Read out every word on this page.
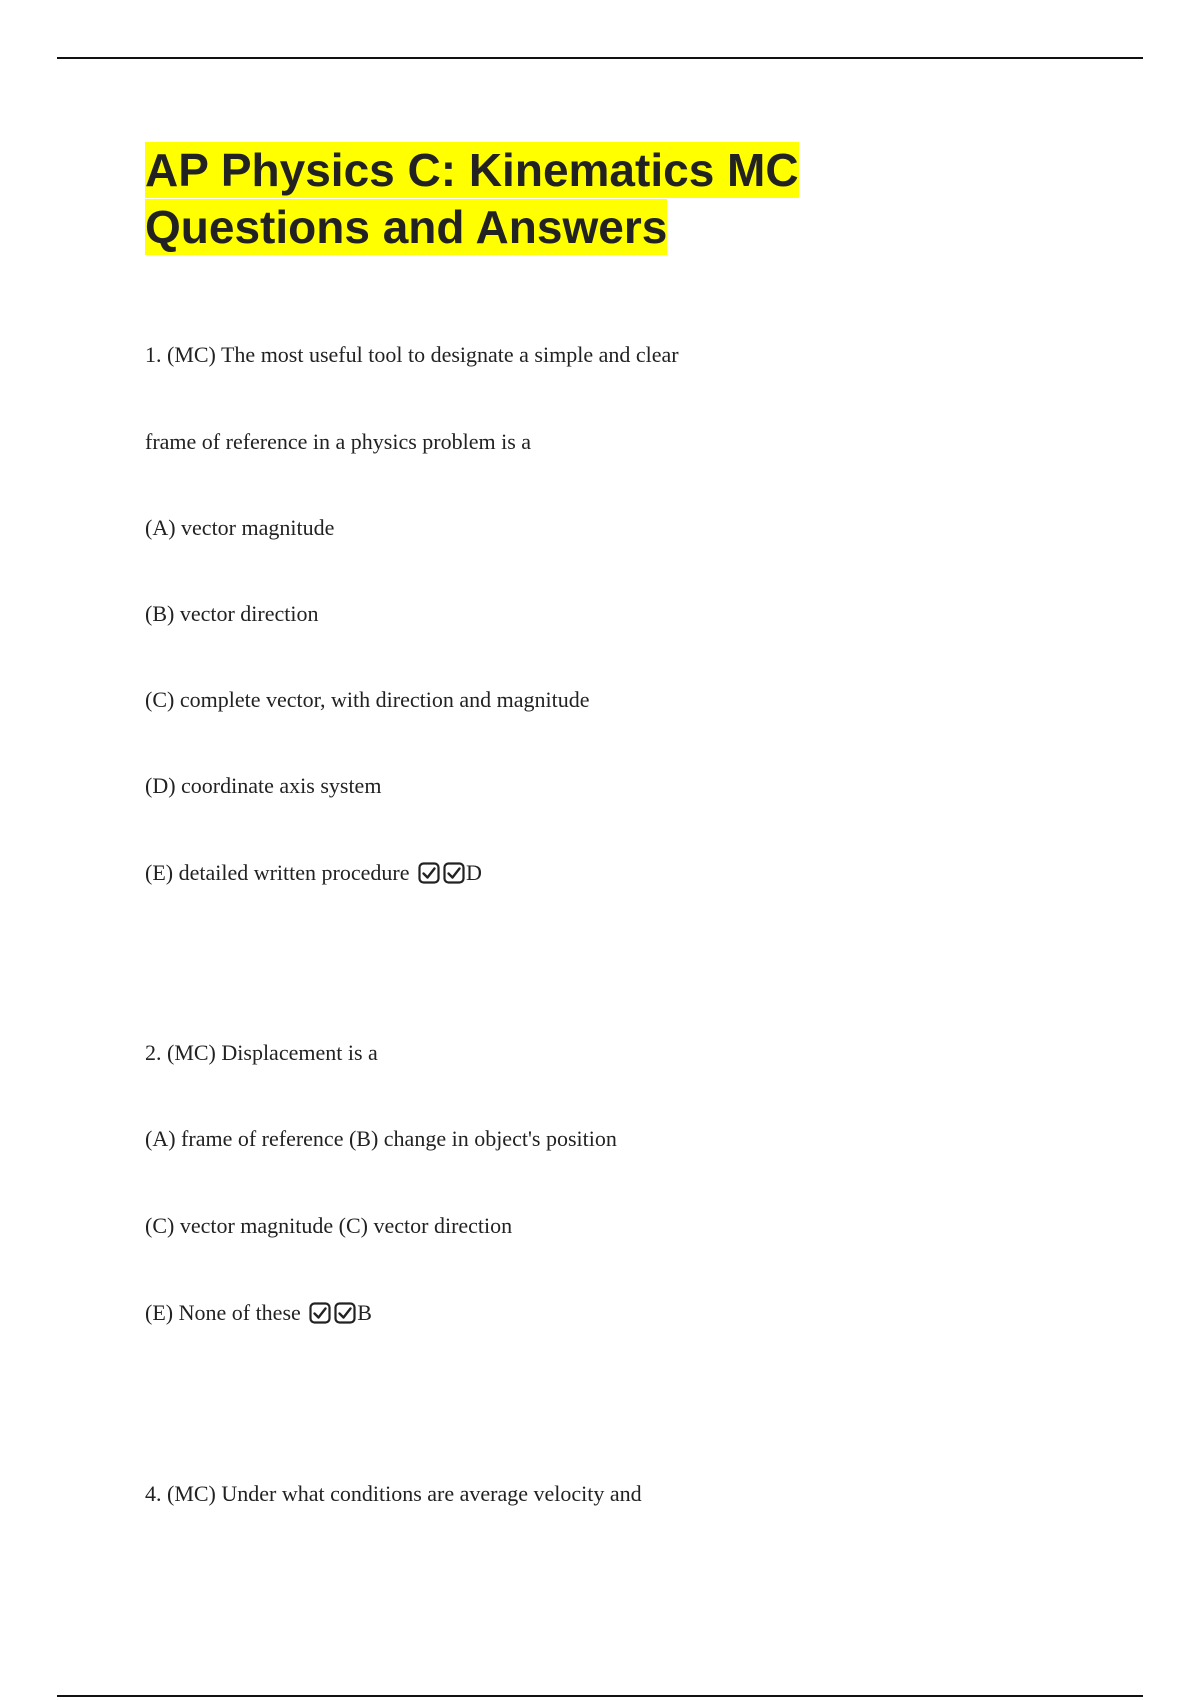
AP Physics C: Kinematics MC
Questions and Answers

1. (MC) The most useful tool to designate a simple and clear

frame of reference in a physics problem is a

(A) vector magnitude

(B) vector direction

(C) complete vector, with direction and magnitude

(D) coordinate axis system

(E) detailed written procedure	D

2. (MC) Displacement is a

(A) frame of reference (B) change in object's position

(C) vector magnitude (C) vector direction

(E) None of these	B

4. (MC) Under what conditions are average velocity and
